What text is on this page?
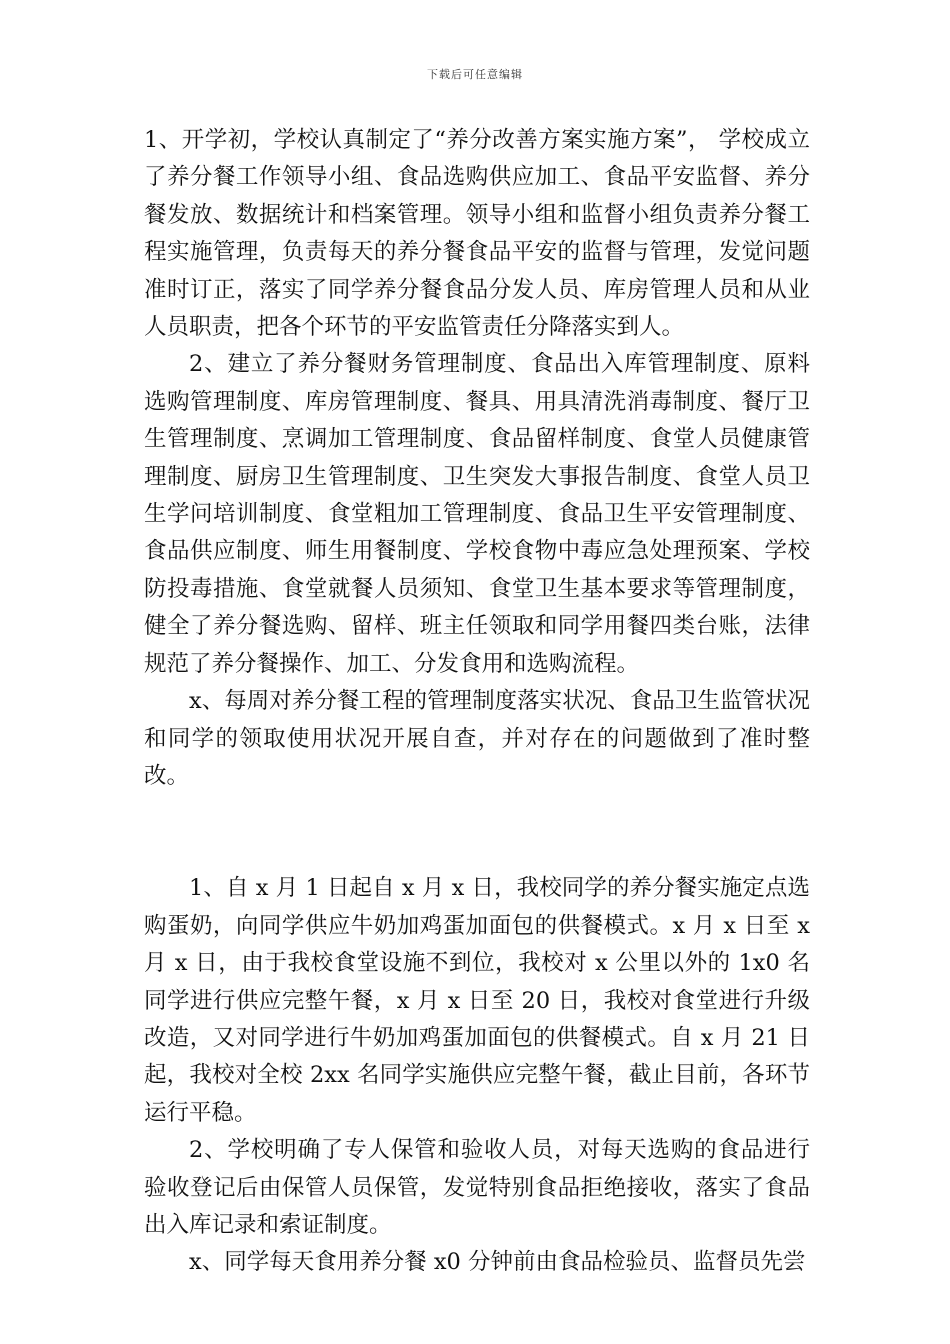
下载后可任意编辑

1、开学初，学校认真制定了“养分改善方案实施方案”， 学校成立了养分餐工作领导小组、食品选购供应加工、食品平安监督、养分餐发放、数据统计和档案管理。领导小组和监督小组负责养分餐工程实施管理，负责每天的养分餐食品平安的监督与管理，发觉问题准时订正，落实了同学养分餐食品分发人员、库房管理人员和从业人员职责，把各个环节的平安监管责任分降落实到人。

2、建立了养分餐财务管理制度、食品出入库管理制度、原料选购管理制度、库房管理制度、餐具、用具清洗消毒制度、餐厅卫生管理制度、烹调加工管理制度、食品留样制度、食堂人员健康管理制度、厨房卫生管理制度、卫生突发大事报告制度、食堂人员卫生学问培训制度、食堂粗加工管理制度、食品卫生平安管理制度、食品供应制度、师生用餐制度、学校食物中毒应急处理预案、学校防投毒措施、食堂就餐人员须知、食堂卫生基本要求等管理制度，健全了养分餐选购、留样、班主任领取和同学用餐四类台账，法律规范了养分餐操作、加工、分发食用和选购流程。

x、每周对养分餐工程的管理制度落实状况、食品卫生监管状况和同学的领取使用状况开展自查，并对存在的问题做到了准时整改。

1、自 x 月 1 日起自 x 月 x 日，我校同学的养分餐实施定点选购蛋奶，向同学供应牛奶加鸡蛋加面包的供餐模式。x 月 x 日至 x 月 x 日，由于我校食堂设施不到位，我校对 x 公里以外的 1x0 名同学进行供应完整午餐，x 月 x 日至 20 日，我校对食堂进行升级改造，又对同学进行牛奶加鸡蛋加面包的供餐模式。自 x 月 21 日起，我校对全校 2xx 名同学实施供应完整午餐，截止目前，各环节运行平稳。

2、学校明确了专人保管和验收人员，对每天选购的食品进行验收登记后由保管人员保管，发觉特别食品拒绝接收，落实了食品出入库记录和索证制度。

x、同学每天食用养分餐 x0 分钟前由食品检验员、监督员先尝
